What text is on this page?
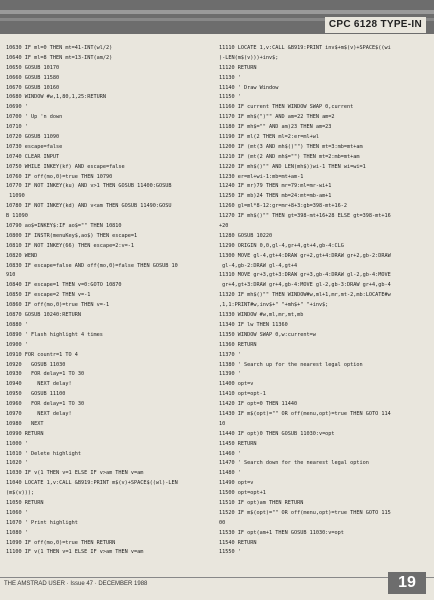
CPC 6128 TYPE-IN
10630 IF ml=0 THEN mt=41-INT(wl/2)
10640 IF ml=8 THEN mt=13-INT(am/2)
10650 GOSUB 10170
10660 GOSUB 11580
10670 GOSUB 10160
10680 WINDOW #w,1,80,1,25:RETURN
10690 '
10700 ' Up 'n down
10710 '
10720 GOSUB 11090
10730 escape=false
10740 CLEAR INPUT
10750 WHILE INKEY(kf) AND escape=false
10760 IF off(mo,0)=true THEN 10790
10770 IF NOT INKEY(ku) AND v>1 THEN GOSUB 11400:GOSUB
11090
10780 IF NOT INKEY(kd) AND v<am THEN GOSUB 11490:GOSU
B 11090
10790 ao$=INKEY$:IF ao$="" THEN 10810
10800 IF INSTR(menuKey$,ao$) THEN escape=1
10810 IF NOT INKEY(66) THEN escape=2:v=-1
10820 WEND
10830 IF escape=false AND off(mo,0)=false THEN GOSUB 10
910
10840 IF escape=1 THEN v=0:GOTO 10870
10850 IF escape=2 THEN v=-1
10860 IF off(mo,0)=true THEN v=-1
10870 GOSUB 10240:RETURN
10880 '
10890 ' Flash highlight 4 times
10900 '
10910 FOR countr=1 TO 4
10920   GOSUB 11030
10930   FOR delay=1 TO 30
10940     NEXT delay!
10950   GOSUB 11100
10960   FOR delay=1 TO 30
10970     NEXT delay!
10980   NEXT
10990 RETURN
11000 '
11010 ' Delete highlight
11020 '
11030 IF v(1 THEN v=1 ELSE IF v>am THEN v=am
11040 LOCATE 1,v:CALL &B919:PRINT m$(v)+SPACE$((wl)-LEN
(m$(v)));
11050 RETURN
11060 '
11070 ' Print highlight
11080 '
11090 IF off(mo,0)=true THEN RETURN
11100 IF v(1 THEN v=1 ELSE IF v>am THEN v=am
11110 LOCATE 1,v:CALL &B919:PRINT inv$+m$(v)+SPACE$((wi
)-LEN(m$(v)))+inv$;
11120 RETURN
11130 '
11140 ' Draw Window
11150 '
11160 IF current THEN WINDOW SWAP 0,current
11170 IF mh$(")"" AND am=22 THEN am=2
11180 IF mh$="" AND am)23 THEN am=23
11190 IF ml(2 THEN ml=2:er=ml+wl
11200 IF (mt(3 AND mh$()"") THEN mt=3:mb=mt+am
11210 IF (mt(2 AND mh$="") THEN mt=2:mb=mt+am
11220 IF mh$()"" AND LEN(mh$))wi-1 THEN wi=wi=1
11230 er=ml+wi-1:mb=mt+am-1
11240 IF mr)79 THEN mr=79:ml=mr-wi+1
11250 IF mb)24 THEN mb=24:mt=mb-am+1
11260 gl=ml*8-12:gr=mr+8+3:gb=398-mt+16-2
11270 IF mh$()"" THEN gt=398-mt+16+28 ELSE gt=398-mt+16
+20
11280 GOSUB 10220
11290 ORIGIN 0,0,gl-4,gr+4,gt+4,gb-4:CLG
11300 MOVE gl-4,gt+4:DRAW gr+2,gt+4:DRAW gr+2,gb-2:DRAW
gl-4,gb-2:DRAW gl-4,gt+4
11310 MOVE gr+3,gt+3:DRAW gr+3,gb-4:DRAW gl-2,gb-4:MOVE
gr+4,gt+3:DRAW gr+4,gb-4:MOVE gl-2,gb-3:DRAW gr+4,gb-4
11320 IF mh$()"" THEN WINDOW#w,ml+1,mr,mt-2,mb:LOCATE#w
,1,1:PRINT#w,inv$+" "+mh$+" "+inv$;
11330 WINDOW #w,ml,mr,mt,mb
11340 IF lw THEN 11360
11350 WINDOW SWAP 0,w:current=w
11360 RETURN
11370 '
11380 ' Search up for the nearest legal option
11390 '
11400 opt=v
11410 opt=opt-1
11420 IF opt=0 THEN 11440
11430 IF m$(opt)="" OR off(menu,opt)=true THEN GOTO 114
10
11440 IF opt)0 THEN GOSUB 11030:v=opt
11450 RETURN
11460 '
11470 ' Search down for the nearest legal option
11480 '
11490 opt=v
11500 opt=opt+1
11510 IF opt)am THEN RETURN
11520 IF m$(opt)="" OR off(menu,opt)=true THEN GOTO 115
00
11530 IF opt(am+1 THEN GOSUB 11030:v=opt
11540 RETURN
11550 '
THE AMSTRAD USER · Issue 47 · DECEMBER 1988	19
